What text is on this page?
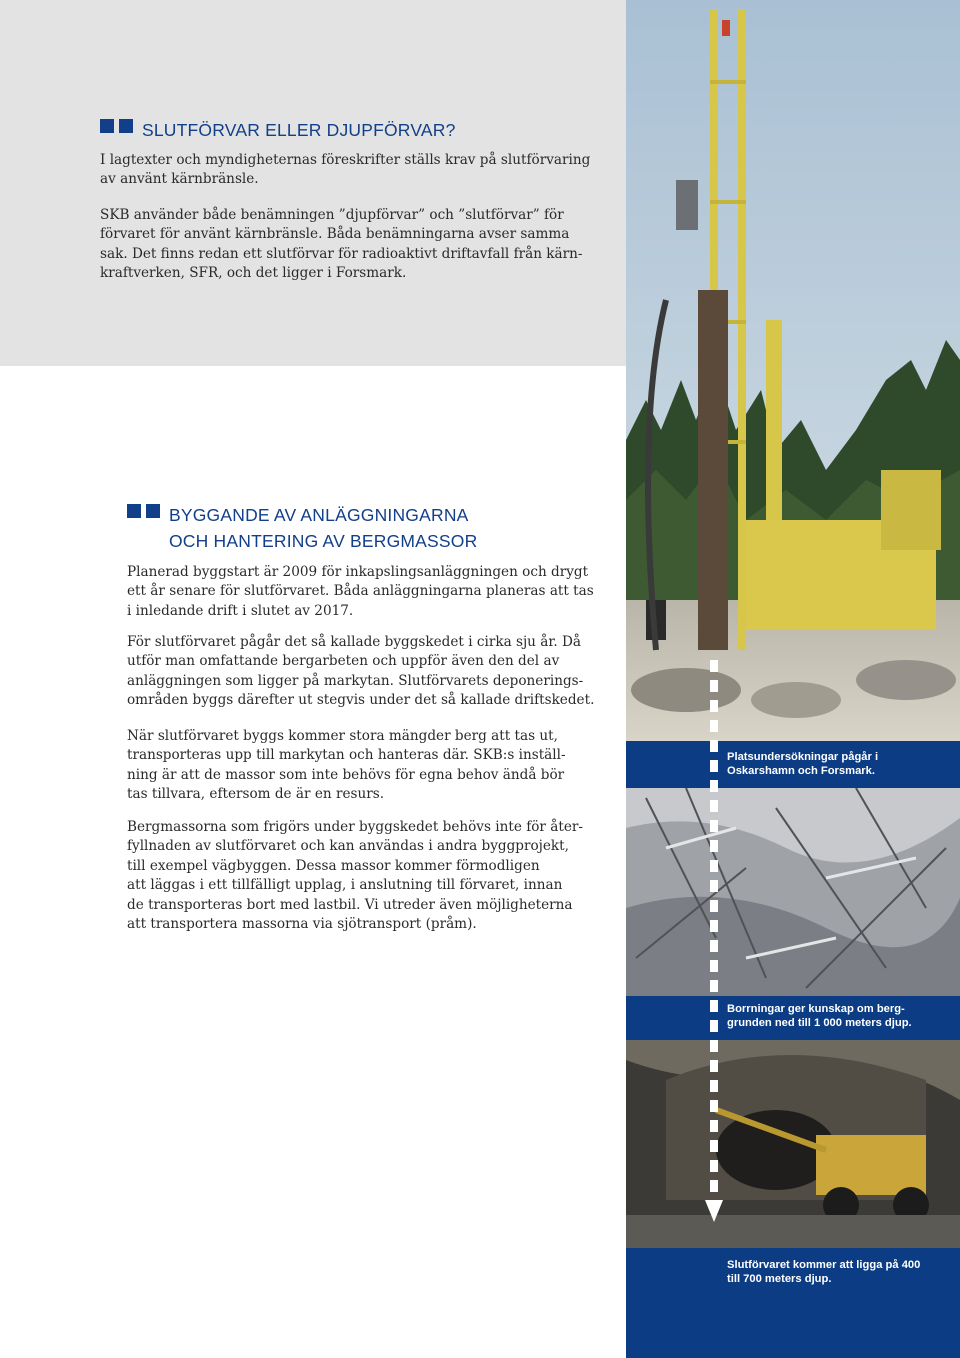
SLUTFÖRVAR ELLER DJUPFÖRVAR?
I lagtexter och myndigheternas föreskrifter ställs krav på slutförvaring
av använt kärnbränsle.
SKB använder både benämningen ”djupförvar” och ”slutförvar” för
förvaret för använt kärnbränsle. Båda benämningarna avser samma
sak. Det finns redan ett slutförvar för radioaktivt driftavfall från kärn-
kraftverken, SFR, och det ligger i Forsmark.
BYGGANDE AV ANLÄGGNINGARNA
OCH HANTERING AV BERGMASSOR
Planerad byggstart är 2009 för inkapslingsanläggningen och drygt
ett år senare för slutförvaret. Båda anläggningarna planeras att tas
i inledande drift i slutet av 2017.
För slutförvaret pågår det så kallade byggskedet i cirka sju år. Då
utför man omfattande bergarbeten och uppför även den del av
anläggningen som ligger på markytan. Slutförvarets deponerings-
områden byggs därefter ut stegvis under det så kallade driftskedet.
När slutförvaret byggs kommer stora mängder berg att tas ut,
transporteras upp till markytan och hanteras där. SKB:s inställ-
ning är att de massor som inte behövs för egna behov ändå bör
tas tillvara, eftersom de är en resurs.
Bergmassorna som frigörs under byggskedet behövs inte för åter-
fyllnaden av slutförvaret och kan användas i andra byggprojekt,
till exempel vägbyggen. Dessa massor kommer förmodligen
att läggas i ett tillfälligt upplag, i anslutning till förvaret, innan
de transporteras bort med lastbil. Vi utreder även möjligheterna
att transportera massorna via sjötransport (pråm).
Platsundersökningar pågår i
Oskarshamn och Forsmark.
Borrningar ger kunskap om berg-
grunden ned till 1 000 meters djup.
Slutförvaret kommer att ligga på 400
till 700 meters djup.
